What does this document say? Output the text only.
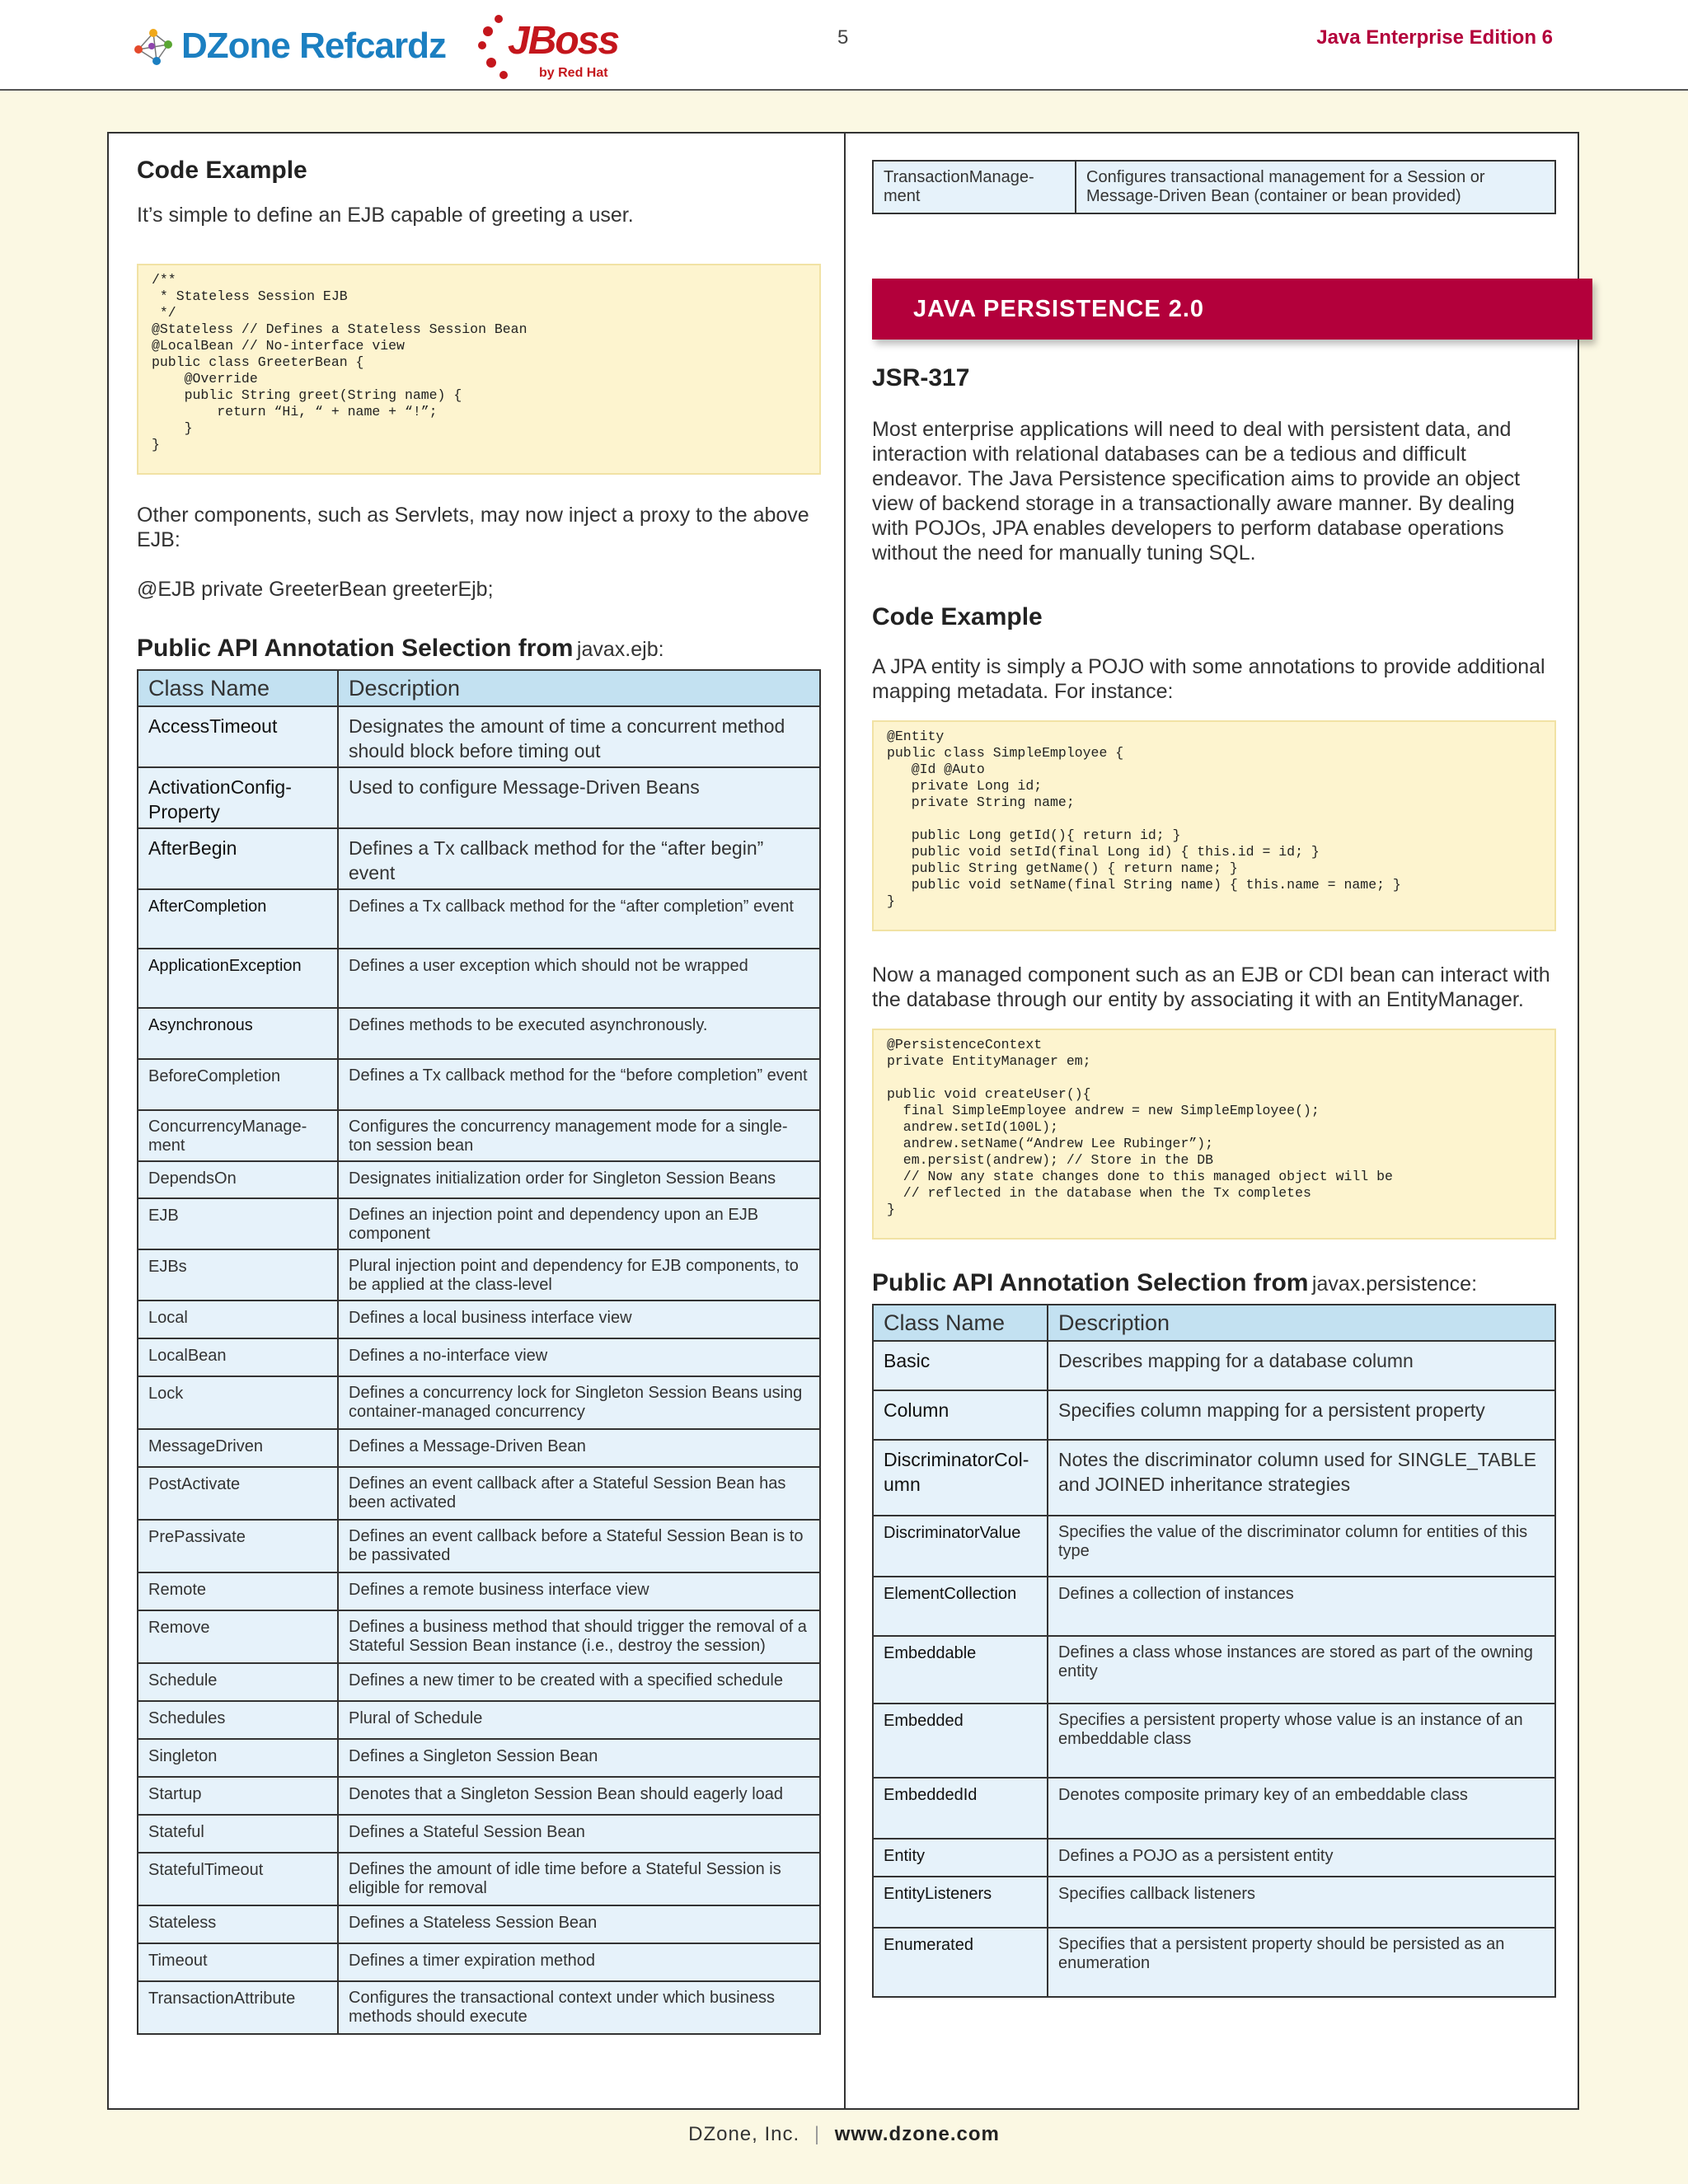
DZone Refcardz JBoss
by Red Hat
5	Java Enterprise Edition 6
Code Example

It’s simple to define an EJB capable of greeting a user.

/**
* Stateless Session EJB
*/
@Stateless // Defines a Stateless Session Bean
@LocalBean // No-interface view
public class GreeterBean {
@Override
public String greet(String name) {
return “Hi, “ + name + “!”;
}
}

Other components, such as Servlets, may now inject a proxy to the above EJB:

@EJB private GreeterBean greeterEjb;

Public API Annotation Selection from javax.ejb:
Class Name	Description
AccessTimeout	Designates the amount of time a concurrent method should block before timing out
ActivationConfig-Property	Used to configure Message-Driven Beans
AfterBegin	Defines a Tx callback method for the “after begin” event
AfterCompletion	Defines a Tx callback method for the “after completion” event
ApplicationException	Defines a user exception which should not be wrapped
Asynchronous	Defines methods to be executed asynchronously.
BeforeCompletion	Defines a Tx callback method for the “before completion” event
ConcurrencyManage-ment	Configures the concurrency management mode for a single-ton session bean
DependsOn	Designates initialization order for Singleton Session Beans
EJB	Defines an injection point and dependency upon an EJB component
EJBs	Plural injection point and dependency for EJB components, to be applied at the class-level
Local	Defines a local business interface view
LocalBean	Defines a no-interface view
Lock	Defines a concurrency lock for Singleton Session Beans using container-managed concurrency
MessageDriven	Defines a Message-Driven Bean
PostActivate	Defines an event callback after a Stateful Session Bean has been activated
PrePassivate	Defines an event callback before a Stateful Session Bean is to be passivated
Remote	Defines a remote business interface view
Remove	Defines a business method that should trigger the removal of a Stateful Session Bean instance (i.e., destroy the session)
Schedule	Defines a new timer to be created with a specified schedule
Schedules	Plural of Schedule
Singleton	Defines a Singleton Session Bean
Startup	Denotes that a Singleton Session Bean should eagerly load
Stateful	Defines a Stateful Session Bean
StatefulTimeout	Defines the amount of idle time before a Stateful Session is eligible for removal
Stateless	Defines a Stateless Session Bean
Timeout	Defines a timer expiration method
TransactionAttribute	Configures the transactional context under which business methods should execute
TransactionManage-ment	Configures transactional management for a Session or Message-Driven Bean (container or bean provided)
JAVA PERSISTENCE 2.0
JSR-317

Most enterprise applications will need to deal with persistent data, and interaction with relational databases can be a tedious and difficult endeavor. The Java Persistence specification aims to provide an object view of backend storage in a transactionally aware manner. By dealing with POJOs, JPA enables developers to perform database operations without the need for manually tuning SQL.

Code Example

A JPA entity is simply a POJO with some annotations to provide additional mapping metadata. For instance:

@Entity
public class SimpleEmployee {
@Id @Auto
private Long id;
private String name;

public Long getId(){ return id; }
public void setId(final Long id) { this.id = id; }
public String getName() { return name; }
public void setName(final String name) { this.name = name; }
}

Now a managed component such as an EJB or CDI bean can interact with the database through our entity by associating it with an EntityManager.

@PersistenceContext
private EntityManager em;

public void createUser(){
final SimpleEmployee andrew = new SimpleEmployee();
andrew.setId(100L);
andrew.setName(“Andrew Lee Rubinger”);
em.persist(andrew); // Store in the DB
// Now any state changes done to this managed object will be
// reflected in the database when the Tx completes
}
Public API Annotation Selection from javax.persistence:
Class Name	Description
Basic	Describes mapping for a database column
Column	Specifies column mapping for a persistent property
DiscriminatorCol-umn	Notes the discriminator column used for SINGLE_TABLE and JOINED inheritance strategies
DiscriminatorValue	Specifies the value of the discriminator column for entities of this type
ElementCollection	Defines a collection of instances
Embeddable	Defines a class whose instances are stored as part of the owning entity
Embedded	Specifies a persistent property whose value is an instance of an embeddable class
EmbeddedId	Denotes composite primary key of an embeddable class
Entity	Defines a POJO as a persistent entity
EntityListeners	Specifies callback listeners
Enumerated	Specifies that a persistent property should be persisted as an enumeration
DZone, Inc. | www.dzone.com
